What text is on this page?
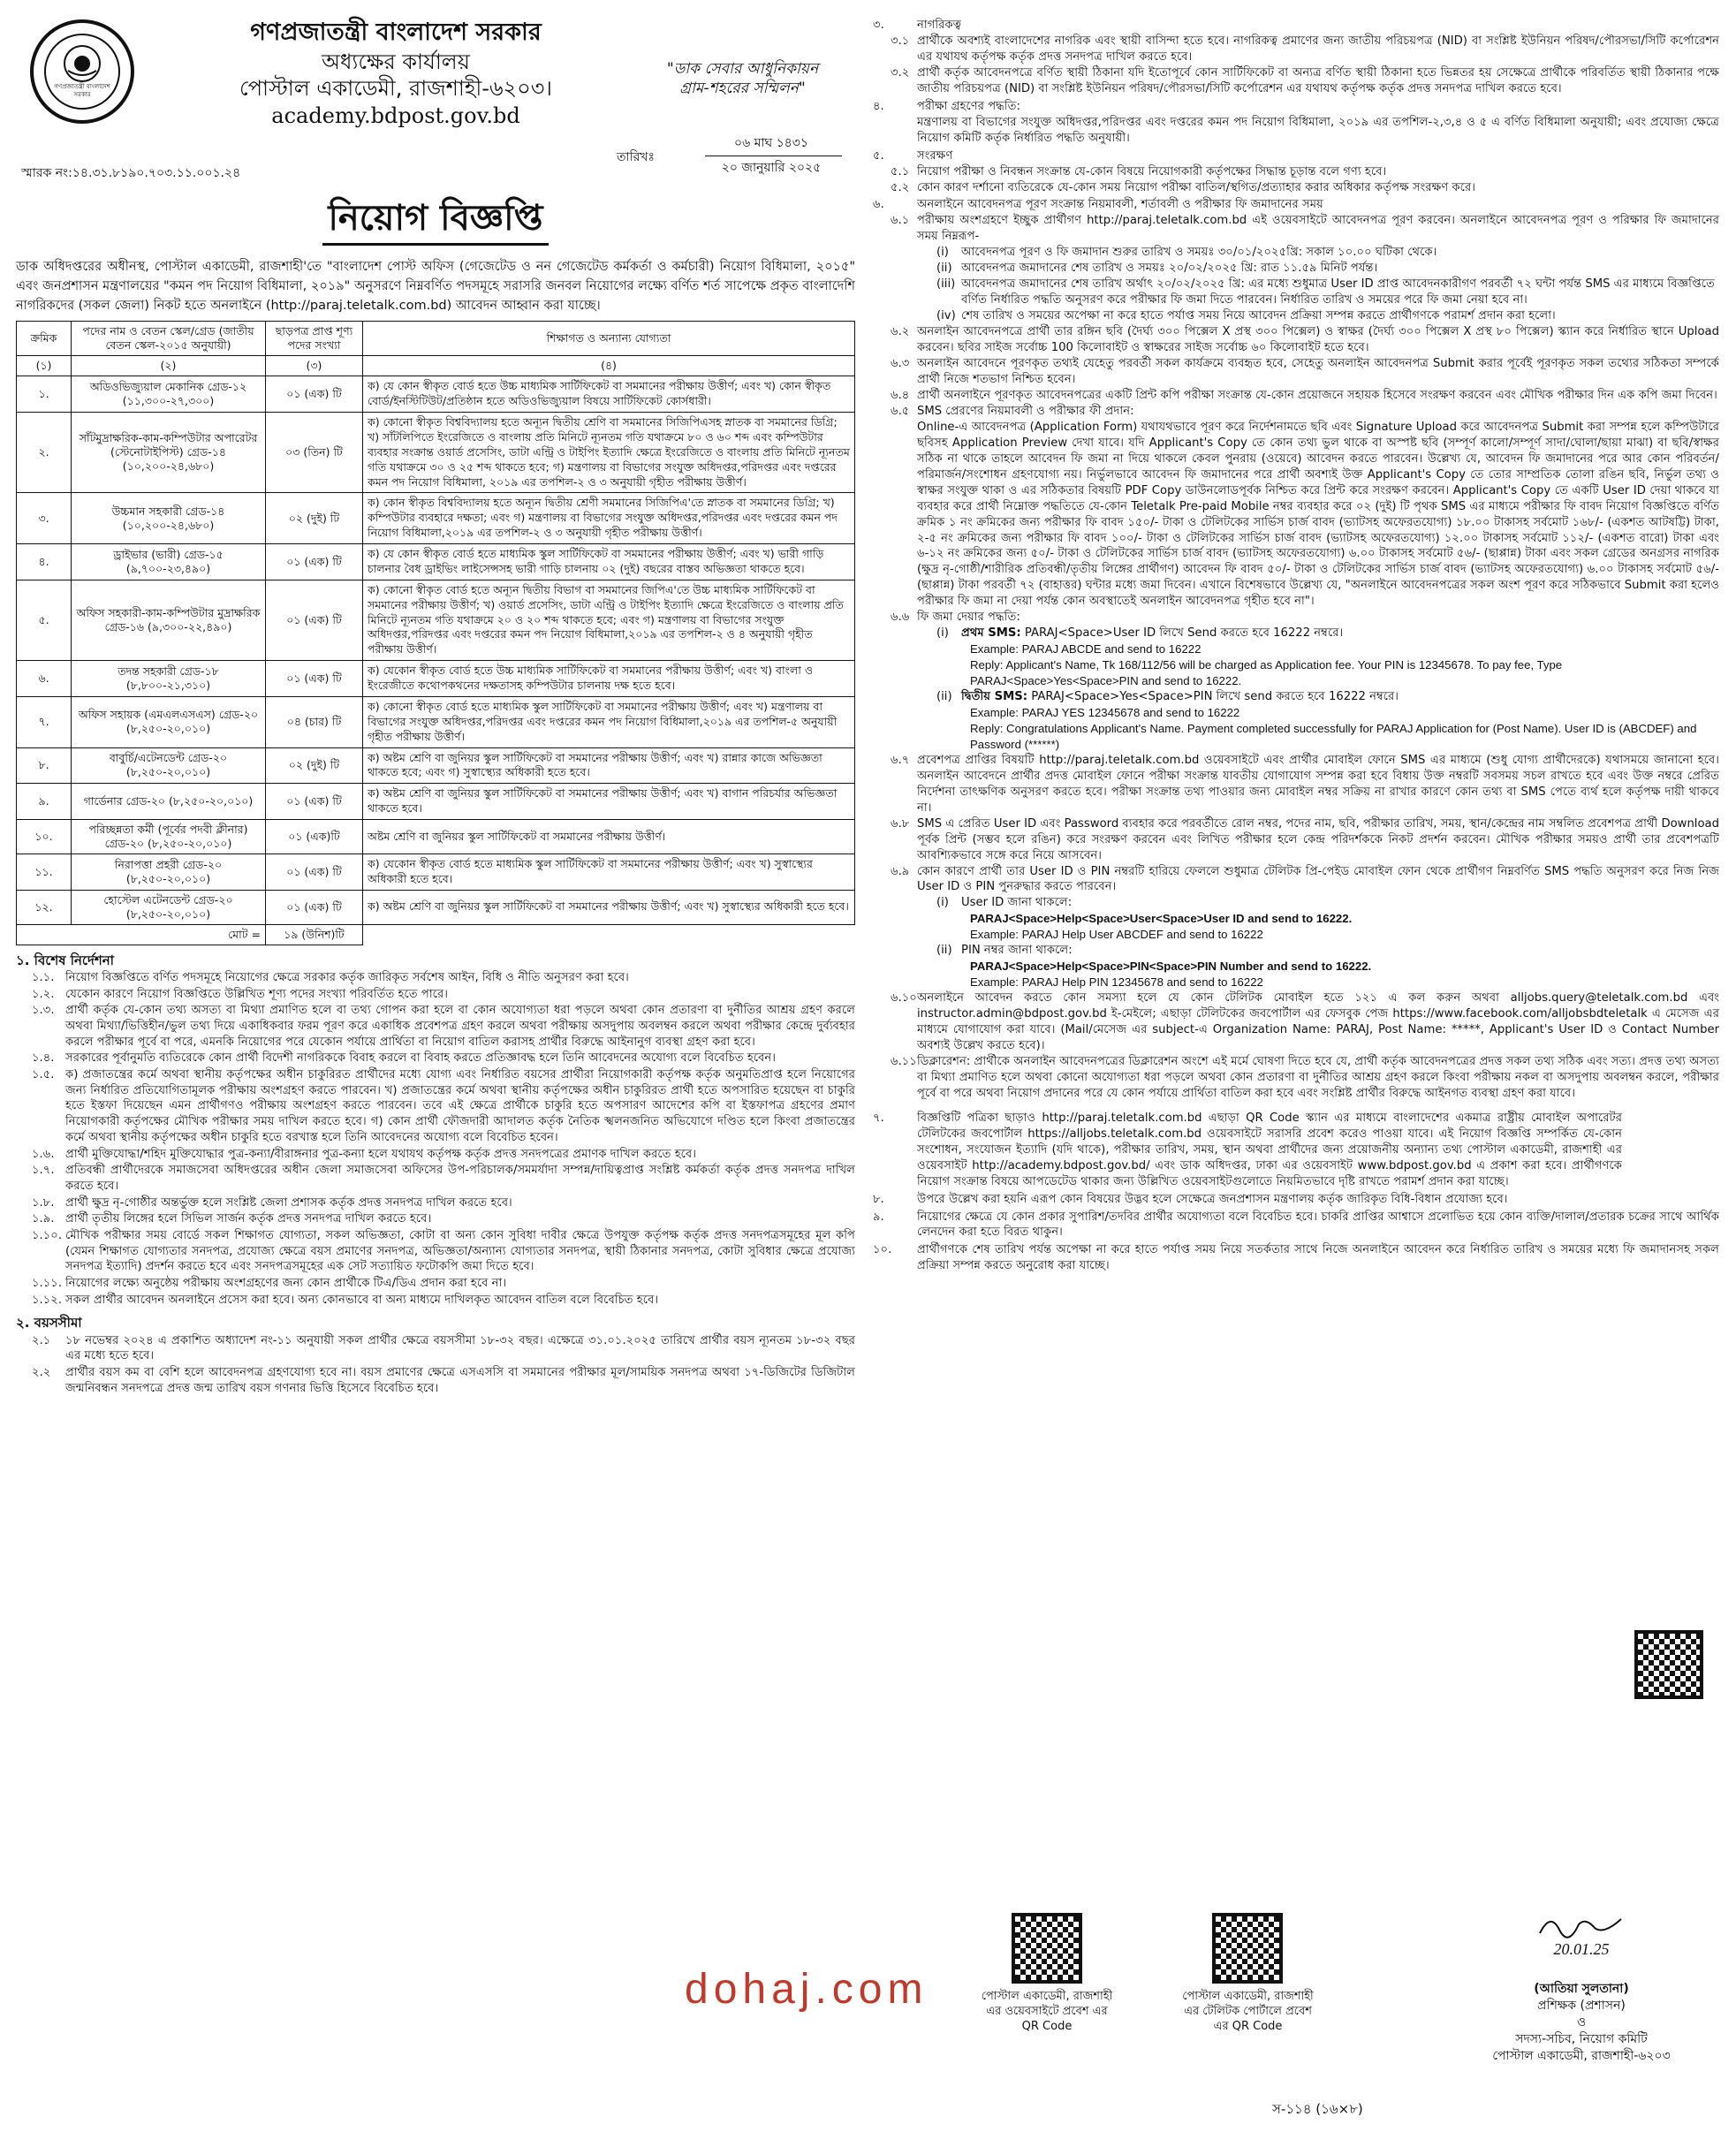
গণপ্রজাতন্ত্রী বাংলাদেশ সরকার
গণপ্রজাতন্ত্রী বাংলাদেশ সরকার
অধ্যক্ষের কার্যালয়
পোস্টাল একাডেমী, রাজশাহী-৬২০৩।
academy.bdpost.gov.bd
"ডাক সেবার আধুনিকায়ন
গ্রাম-শহরের সম্মিলন"
স্মারক নং:১৪.৩১.৮১৯০.৭০৩.১১.০০১.২৪
তারিখঃ
০৬ মাঘ ১৪৩১
২০ জানুয়ারি ২০২৫
নিয়োগ বিজ্ঞপ্তি

ডাক অধিদপ্তরের অধীনস্থ, পোস্টাল একাডেমী, রাজশাহী'তে "বাংলাদেশ পোস্ট অফিস (গেজেটেড ও নন গেজেটেড কর্মকর্তা ও কর্মচারী) নিয়োগ বিধিমালা, ২০১৫" এবং জনপ্রশাসন মন্ত্রণালয়ের "কমন পদ নিয়োগ বিধিমালা, ২০১৯" অনুসরণে নিম্নবর্ণিত পদসমূহে সরাসরি জনবল নিয়োগের লক্ষ্যে বর্ণিত শর্ত সাপেক্ষে প্রকৃত বাংলাদেশি নাগরিকদের (সকল জেলা) নিকট হতে অনলাইনে (http://paraj.teletalk.com.bd) আবেদন আহ্বান করা যাচ্ছে।

ক্রমিক	পদের নাম ও বেতন স্কেল/গ্রেড (জাতীয় বেতন স্কেল-২০১৫ অনুযায়ী)	ছাড়পত্র প্রাপ্ত শূণ্য পদের সংখ্যা	শিক্ষাগত ও অন্যান্য যোগ্যতা
(১)	(২)	(৩)	(৪)
১.	অডিওভিজ্যুয়াল মেকানিক গ্রেড-১২ (১১,৩০০-২৭,৩০০)	০১ (এক) টি	ক) যে কোন স্বীকৃত বোর্ড হতে উচ্চ মাধ্যমিক সার্টিফিকেট বা সমমানের পরীক্ষায় উত্তীর্ণ; এবং খ) কোন স্বীকৃত বোর্ড/ইনস্টিটিউট/প্রতিষ্ঠান হতে অডিওভিজ্যুয়াল বিষয়ে সার্টিফিকেট কোর্সধারী।
২.	সাঁটমুদ্রাক্ষরিক-কাম-কম্পিউটার অপারেটর (স্টেনোটাইপিস্ট) গ্রেড-১৪ (১০,২০০-২৪,৬৮০)	০৩ (তিন) টি	ক) কোনো স্বীকৃত বিশ্ববিদ্যালয় হতে অন্যূন দ্বিতীয় শ্রেণি বা সমমানের সিজিপিএসহ স্নাতক বা সমমানের ডিগ্রি; খ) সাঁটলিপিতে ইংরেজিতে ও বাংলায় প্রতি মিনিটে ন্যূনতম গতি যথাক্রমে ৮০ ও ৬০ শব্দ এবং কম্পিউটার ব্যবহার সংক্রান্ত ওয়ার্ড প্রসেসিং, ডাটা এন্ট্রি ও টাইপিং ইত্যাদি ক্ষেত্রে ইংরেজিতে ও বাংলায় প্রতি মিনিটে ন্যূনতম গতি যথাক্রমে ৩০ ও ২৫ শব্দ থাকতে হবে; গ) মন্ত্রণালয় বা বিভাগের সংযুক্ত অধিদপ্তর,পরিদপ্তর এবং দপ্তরের কমন পদ নিয়োগ বিধিমালা, ২০১৯ এর তপশিল-২ ও ৩ অনুযায়ী গৃহীত পরীক্ষায় উত্তীর্ণ।
৩.	উচ্চমান সহকারী গ্রেড-১৪ (১০,২০০-২৪,৬৮০)	০২ (দুই) টি	ক) কোন স্বীকৃত বিশ্ববিদ্যালয় হতে অন্যূন দ্বিতীয় শ্রেণী সমমানের সিজিপিএ'তে স্নাতক বা সমমানের ডিগ্রি; খ) কম্পিউটার ব্যবহারে দক্ষতা; এবং গ) মন্ত্রণালয় বা বিভাগের সংযুক্ত অধিদপ্তর,পরিদপ্তর এবং দপ্তরের কমন পদ নিয়োগ বিধিমালা,২০১৯ এর তপশিল-২ ও ৩ অনুযায়ী গৃহীত পরীক্ষায় উত্তীর্ণ।
৪.	ড্রাইভার (ভারী) গ্রেড-১৫ (৯,৭০০-২৩,৪৯০)	০১ (এক) টি	ক) যে কোন স্বীকৃত বোর্ড হতে মাধ্যমিক স্কুল সার্টিফিকেট বা সমমানের পরীক্ষায় উত্তীর্ণ; এবং খ) ভারী গাড়ি চালনার বৈধ ড্রাইভিং লাইসেন্সসহ ভারী গাড়ি চালনায় ০২ (দুই) বছরের বাস্তব অভিজ্ঞতা থাকতে হবে।
৫.	অফিস সহকারী-কাম-কম্পিউটার মুদ্রাক্ষরিক গ্রেড-১৬ (৯,৩০০-২২,৪৯০)	০১ (এক) টি	ক) কোনো স্বীকৃত বোর্ড হতে অন্যূন দ্বিতীয় বিভাগ বা সমমানের জিপিএ'তে উচ্চ মাধ্যমিক সার্টিফিকেট বা সমমানের পরীক্ষায় উত্তীর্ণ; খ) ওয়ার্ড প্রসেসিং, ডাটা এন্ট্রি ও টাইপিং ইত্যাদি ক্ষেত্রে ইংরেজিতে ও বাংলায় প্রতি মিনিটে ন্যূনতম গতি যথাক্রমে ২০ ও ২০ শব্দ থাকতে হবে; এবং গ) মন্ত্রণালয় বা বিভাগের সংযুক্ত অধিদপ্তর,পরিদপ্তর এবং দপ্তরের কমন পদ নিয়োগ বিধিমালা,২০১৯ এর তপশিল-২ ও ৪ অনুযায়ী গৃহীত পরীক্ষায় উত্তীর্ণ।
৬.	তদন্ত সহকারী গ্রেড-১৮ (৮,৮০০-২১,৩১০)	০১ (এক) টি	ক) যেকোন স্বীকৃত বোর্ড হতে উচ্চ মাধ্যমিক সার্টিফিকেট বা সমমানের পরীক্ষায় উত্তীর্ণ; এবং খ) বাংলা ও ইংরেজীতে কথোপকথনের দক্ষতাসহ কম্পিউটার চালনায় দক্ষ হতে হবে।
৭.	অফিস সহায়ক (এমএলএসএস) গ্রেড-২০ (৮,২৫০-২০,০১০)	০৪ (চার) টি	ক) কোনো স্বীকৃত বোর্ড হতে মাধ্যমিক স্কুল সার্টিফিকেট বা সমমানের পরীক্ষায় উত্তীর্ণ; এবং খ) মন্ত্রণালয় বা বিভাগের সংযুক্ত অধিদপ্তর,পরিদপ্তর এবং দপ্তরের কমন পদ নিয়োগ বিধিমালা,২০১৯ এর তপশিল-৫ অনুযায়ী গৃহীত পরীক্ষায় উত্তীর্ণ।
৮.	বাবুর্চি/এটেনডেন্ট গ্রেড-২০ (৮,২৫০-২০,০১০)	০২ (দুই) টি	ক) অষ্টম শ্রেণি বা জুনিয়র স্কুল সার্টিফিকেট বা সমমানের পরীক্ষায় উত্তীর্ণ; এবং খ) রান্নার কাজে অভিজ্ঞতা থাকতে হবে; এবং গ) সুস্বাস্থ্যের অধিকারী হতে হবে।
৯.	গার্ডেনার গ্রেড-২০ (৮,২৫০-২০,০১০)	০১ (এক) টি	ক) অষ্টম শ্রেণি বা জুনিয়র স্কুল সার্টিফিকেট বা সমমানের পরীক্ষায় উত্তীর্ণ; এবং খ) বাগান পরিচর্যার অভিজ্ঞতা থাকতে হবে।
১০.	পরিচ্ছন্নতা কর্মী (পূর্বের পদবী ক্লীনার) গ্রেড-২০ (৮,২৫০-২০,০১০)	০১ (এক)টি	অষ্টম শ্রেণি বা জুনিয়র স্কুল সার্টিফিকেট বা সমমানের পরীক্ষায় উত্তীর্ণ।
১১.	নিরাপত্তা প্রহরী গ্রেড-২০ (৮,২৫০-২০,০১০)	০১ (এক) টি	ক) যেকোন স্বীকৃত বোর্ড হতে মাধ্যমিক স্কুল সার্টিফিকেট বা সমমানের পরীক্ষায় উত্তীর্ণ; এবং খ) সুস্বাস্থ্যের অধিকারী হতে হবে।
১২.	হোস্টেল এটেনডেন্ট গ্রেড-২০ (৮,২৫০-২০,০১০)	০১ (এক) টি	ক) অষ্টম শ্রেণি বা জুনিয়র স্কুল সার্টিফিকেট বা সমমানের পরীক্ষায় উত্তীর্ণ; এবং খ) সুস্বাস্থ্যের অধিকারী হতে হবে।
মোট =		১৯ (উনিশ)টি	
১. বিশেষ নির্দেশনা
১.১. নিয়োগ বিজ্ঞপ্তিতে বর্ণিত পদসমূহে নিয়োগের ক্ষেত্রে সরকার কর্তৃক জারিকৃত সর্বশেষ আইন, বিধি ও নীতি অনুসরণ করা হবে।
১.২. যেকোন কারণে নিয়োগ বিজ্ঞপ্তিতে উল্লিখিত শূণ্য পদের সংখ্যা পরিবর্তিত হতে পারে।
১.৩. প্রার্থী কর্তৃক যে-কোন তথ্য অসত্য বা মিথ্যা প্রমাণিত হলে বা তথ্য গোপন করা হলে বা কোন অযোগ্যতা ধরা পড়লে অথবা কোন প্রতারণা বা দুর্নীতির আশ্রয় গ্রহণ করলে অথবা মিথ্যা/ভিত্তিহীন/ভুল তথ্য দিয়ে একাধিকবার ফরম পূরণ করে একাধিক প্রবেশপত্র গ্রহণ করলে অথবা পরীক্ষায় অসদুপায় অবলম্বন করলে অথবা পরীক্ষার কেন্দ্রে দুর্ব্যবহার করলে পরীক্ষার পূর্বে বা পরে, এমনকি নিয়োগের পরে যেকোন পর্যায়ে প্রার্থিতা বা নিয়োগ বাতিল করাসহ প্রার্থীর বিরুদ্ধে আইনানুগ ব্যবস্থা গ্রহণ করা হবে।
১.৪. সরকারের পূর্বানুমতি ব্যতিরেকে কোন প্রার্থী বিদেশী নাগরিককে বিবাহ করলে বা বিবাহ করতে প্রতিজ্ঞাবদ্ধ হলে তিনি আবেদনের অযোগ্য বলে বিবেচিত হবেন।
১.৫. ক) প্রজাতন্ত্রের কর্মে অথবা স্থানীয় কর্তৃপক্ষের অধীন চাকুরিরত প্রার্থীদের মধ্যে যোগ্য এবং নির্ধারিত বয়সের প্রার্থীরা নিয়োগকারী কর্তৃপক্ষ কর্তৃক অনুমতিপ্রাপ্ত হলে নিয়োগের জন্য নির্ধারিত প্রতিযোগিতামূলক পরীক্ষায় অংশগ্রহণ করতে পারবেন। খ) প্রজাতন্ত্রের কর্মে অথবা স্থানীয় কর্তৃপক্ষের অধীন চাকুরিরত প্রার্থী হতে অপসারিত হয়েছেন বা চাকুরি হতে ইস্তফা দিয়েছেন এমন প্রার্থীগণও পরীক্ষায় অংশগ্রহণ করতে পারবেন। তবে এই ক্ষেত্রে প্রার্থীকে চাকুরি হতে অপসারণ আদেশের কপি বা ইস্তফাপত্র গ্রহণের প্রমাণ নিয়োগকারী কর্তৃপক্ষের মৌখিক পরীক্ষার সময় দাখিল করতে হবে। গ) কোন প্রার্থী ফৌজদারী আদালত কর্তৃক নৈতিক স্খলনজনিত অভিযোগে দণ্ডিত হলে কিংবা প্রজাতন্ত্রের কর্মে অথবা স্থানীয় কর্তৃপক্ষের অধীন চাকুরি হতে বরখাস্ত হলে তিনি আবেদনের অযোগ্য বলে বিবেচিত হবেন।
১.৬. প্রার্থী মুক্তিযোদ্ধা/শহিদ মুক্তিযোদ্ধার পুত্র-কন্যা/বীরাঙ্গনার পুত্র-কন্যা হলে যথাযথ কর্তৃপক্ষ কর্তৃক প্রদত্ত সনদপত্রের প্রমাণক দাখিল করতে হবে।
১.৭. প্রতিবন্ধী প্রার্থীদেরকে সমাজসেবা অধিদপ্তরের অধীন জেলা সমাজসেবা অফিসের উপ-পরিচালক/সমমর্যাদা সম্পন্ন/দায়িত্বপ্রাপ্ত সংশ্লিষ্ট কর্মকর্তা কর্তৃক প্রদত্ত সনদপত্র দাখিল করতে হবে।
১.৮. প্রার্থী ক্ষুদ্র নৃ-গোষ্ঠীর অন্তর্ভুক্ত হলে সংশ্লিষ্ট জেলা প্রশাসক কর্তৃক প্রদত্ত সনদপত্র দাখিল করতে হবে।
১.৯. প্রার্থী তৃতীয় লিঙ্গের হলে সিভিল সার্জন কর্তৃক প্রদত্ত সনদপত্র দাখিল করতে হবে।
১.১০. মৌখিক পরীক্ষার সময় বোর্ডে সকল শিক্ষাগত যোগ্যতা, সকল অভিজ্ঞতা, কোটা বা অন্য কোন সুবিধা দাবীর ক্ষেত্রে উপযুক্ত কর্তৃপক্ষ কর্তৃক প্রদত্ত সনদপত্রসমূহের মূল কপি (যেমন শিক্ষাগত যোগ্যতার সনদপত্র, প্রযোজ্য ক্ষেত্রে বয়স প্রমাণের সনদপত্র, অভিজ্ঞতা/অন্যান্য যোগ্যতার সনদপত্র, স্থায়ী ঠিকানার সনদপত্র, কোটা সুবিধার ক্ষেত্রে প্রযোজ্য সনদপত্র ইত্যাদি) প্রদর্শন করতে হবে এবং সনদপত্রসমূহের এক সেট সত্যায়িত ফটোকপি জমা দিতে হবে।
১.১১. নিয়োগের লক্ষ্যে অনুষ্ঠেয় পরীক্ষায় অংশগ্রহণের জন্য কোন প্রার্থীকে টিএ/ডিএ প্রদান করা হবে না।
১.১২. সকল প্রার্থীর আবেদন অনলাইনে প্রসেস করা হবে। অন্য কোনভাবে বা অন্য মাধ্যমে দাখিলকৃত আবেদন বাতিল বলে বিবেচিত হবে।
২. বয়সসীমা
২.১	১৮ নভেম্বর ২০২৪ এ প্রকাশিত অধ্যাদেশ নং-১১ অনুযায়ী সকল প্রার্থীর ক্ষেত্রে বয়সসীমা ১৮-৩২ বছর। এক্ষেত্রে ৩১.০১.২০২৫ তারিখে প্রার্থীর বয়স ন্যূনতম ১৮-৩২ বছর এর মধ্যে হতে হবে।
২.২	প্রার্থীর বয়স কম বা বেশি হলে আবেদনপত্র গ্রহণযোগ্য হবে না। বয়স প্রমাণের ক্ষেত্রে এসএসসি বা সমমানের পরীক্ষার মূল/সাময়িক সনদপত্র অথবা ১৭-ডিজিটের ডিজিটাল জন্মনিবন্ধন সনদপত্রে প্রদত্ত জন্ম তারিখ বয়স গণনার ভিত্তি হিসেবে বিবেচিত হবে।
৩.	নাগরিকত্ব
৩.১ প্রার্থীকে অবশ্যই বাংলাদেশের নাগরিক এবং স্থায়ী বাসিন্দা হতে হবে। নাগরিকত্ব প্রমাণের জন্য জাতীয় পরিচয়পত্র (NID) বা সংশ্লিষ্ট ইউনিয়ন পরিষদ/পৌরসভা/সিটি কর্পোরেশন এর যথাযথ কর্তৃপক্ষ কর্তৃক প্রদত্ত সনদপত্র দাখিল করতে হবে।
৩.২ প্রার্থী কর্তৃক আবেদনপত্রে বর্ণিত স্থায়ী ঠিকানা যদি ইতোপূর্বে কোন সার্টিফিকেট বা অন্যত্র বর্ণিত স্থায়ী ঠিকানা হতে ভিন্নতর হয় সেক্ষেত্রে প্রার্থীকে পরিবর্তিত স্থায়ী ঠিকানার পক্ষে জাতীয় পরিচয়পত্র (NID) বা সংশ্লিষ্ট ইউনিয়ন পরিষদ/পৌরসভা/সিটি কর্পোরেশন এর যথাযথ কর্তৃপক্ষ কর্তৃক প্রদত্ত সনদপত্র দাখিল করতে হবে।
৪.	পরীক্ষা গ্রহণের পদ্ধতি:
মন্ত্রণালয় বা বিভাগের সংযুক্ত অধিদপ্তর,পরিদপ্তর এবং দপ্তরের কমন পদ নিয়োগ বিধিমালা, ২০১৯ এর তপশিল-২,৩,৪ ও ৫ এ বর্ণিত বিধিমালা অনুযায়ী; এবং প্রযোজ্য ক্ষেত্রে নিয়োগ কমিটি কর্তৃক নির্ধারিত পদ্ধতি অনুযায়ী।
৫.	সংরক্ষণ
৫.১ নিয়োগ পরীক্ষা ও নিবন্ধন সংক্রান্ত যে-কোন বিষয়ে নিয়োগকারী কর্তৃপক্ষের সিদ্ধান্ত চূড়ান্ত বলে গণ্য হবে।
৫.২ কোন কারণ দর্শানো ব্যতিরেকে যে-কোন সময় নিয়োগ পরীক্ষা বাতিল/স্থগিত/প্রত্যাহার করার অধিকার কর্তৃপক্ষ সংরক্ষণ করে।
৬.	অনলাইনে আবেদনপত্র পূরণ সংক্রান্ত নিয়মাবলী, শর্তাবলী ও পরীক্ষার ফি জমাদানের সময়
৬.১ পরীক্ষায় অংশগ্রহণে ইচ্ছুক প্রার্থীগণ http://paraj.teletalk.com.bd এই ওয়েবসাইটে আবেদনপত্র পূরণ করবেন। অনলাইনে আবেদনপত্র পূরণ ও পরিক্ষার ফি জমাদানের সময় নিম্নরূপ-
(i)	আবেদনপত্র পূরণ ও ফি জমাদান শুরুর তারিখ ও সময়ঃ ৩০/০১/২০২৫খ্রি: সকাল ১০.০০ ঘটিকা থেকে।
(ii) আবেদনপত্র জমাদানের শেষ তারিখ ও সময়ঃ ২০/০২/২০২৫ খ্রি: রাত ১১.৫৯ মিনিট পর্যন্ত।
(iii) আবেদনপত্র জমাদানের শেষ তারিখ অর্থাৎ ২০/০২/২০২৫ খ্রি: এর মধ্যে শুধুমাত্র User ID প্রাপ্ত আবেদনকারীগণ পরবর্তী ৭২ ঘন্টা পর্যন্ত SMS এর মাধ্যমে বিজ্ঞপ্তিতে বর্ণিত নির্ধারিত পদ্ধতি অনুসরণ করে পরীক্ষার ফি জমা দিতে পারবেন। নির্ধারিত তারিখ ও সময়ের পরে ফি জমা নেয়া হবে না।
(iv) শেষ তারিখ ও সময়ের অপেক্ষা না করে হাতে পর্যাপ্ত সময় নিয়ে আবেদন প্রক্রিয়া সম্পন্ন করতে প্রার্থীগণকে পরামর্শ প্রদান করা হলো।
৬.২ অনলাইন আবেদনপত্রে প্রার্থী তার রঙ্গিন ছবি (দৈর্ঘ্য ৩০০ পিক্সেল X প্রস্থ ৩০০ পিক্সেল) ও স্বাক্ষর (দৈর্ঘ্য ৩০০ পিক্সেল X প্রস্থ ৮০ পিক্সেল) স্ক্যান করে নির্ধারিত স্থানে Upload করবেন। ছবির সাইজ সর্বোচ্চ 100 কিলোবাইট ও স্বাক্ষরের সাইজ সর্বোচ্চ ৬০ কিলোবাইট হতে হবে।
৬.৩ অনলাইন আবেদনে পূরণকৃত তথ্যই যেহেতু পরবর্তী সকল কার্যক্রমে ব্যবহৃত হবে, সেহেতু অনলাইন আবেদনপত্র Submit করার পূর্বেই পূরণকৃত সকল তথ্যের সঠিকতা সম্পর্কে প্রার্থী নিজে শতভাগ নিশ্চিত হবেন।
৬.৪ প্রার্থী অনলাইনে পূরণকৃত আবেদনপত্রের একটি প্রিন্ট কপি পরীক্ষা সংক্রান্ত যে-কোন প্রয়োজনে সহায়ক হিসেবে সংরক্ষণ করবেন এবং মৌখিক পরীক্ষার দিন এক কপি জমা দিবেন।
৬.৫ SMS প্রেরণের নিয়মাবলী ও পরীক্ষার ফী প্রদান:
Online-এ আবেদনপত্র (Application Form) যথাযথভাবে পূরণ করে নির্দেশনামতে ছবি এবং Signature Upload করে আবেদনপত্র Submit করা সম্পন্ন হলে কম্পিউটারে ছবিসহ Application Preview দেখা যাবে। যদি Applicant's Copy তে কোন তথ্য ভুল থাকে বা অস্পষ্ট ছবি (সম্পূর্ণ কালো/সম্পূর্ণ সাদা/ঘোলা/ছায়া মাঝা) বা ছবি/স্বাক্ষর সঠিক না থাকে তাহলে আবেদন ফি জমা না দিয়ে থাকলে কেবল পুনরায় (ওয়েবে) আবেদন করতে পারবেন। উল্লেখ্য যে, আবেদন ফি জমাদানের পরে আর কোন পরিবর্তন/পরিমার্জন/সংশোধন গ্রহণযোগ্য নয়। নির্ভুলভাবে আবেদন ফি জমাদানের পরে প্রার্থী অবশ্যই উক্ত Applicant's Copy তে তোর সাম্প্রতিক তোলা রঙিন ছবি, নির্ভুল তথ্য ও স্বাক্ষর সংযুক্ত থাকা ও এর সঠিকতার বিষয়টি PDF Copy ডাউনলোডপূর্বক নিশ্চিত করে প্রিন্ট করে সংরক্ষণ করবেন। Applicant's Copy তে একটি User ID দেয়া থাকবে যা ব্যবহার করে প্রার্থী নিম্নোক্ত পদ্ধতিতে যে-কোন Teletalk Pre-paid Mobile নম্বর ব্যবহার করে ০২ (দুই) টি পৃথক SMS এর মাধ্যমে পরীক্ষার ফি বাবদ নিয়োগ বিজ্ঞপ্তিতে বর্ণিত ক্রমিক ১ নং ক্রমিকের জন্য পরীক্ষার ফি বাবদ ১৫০/- টাকা ও টেলিটকের সার্ভিস চার্জ বাবদ (ভ্যাটসহ অফেরতযোগ্য) ১৮.০০ টাকাসহ সর্বমোট ১৬৮/- (একশত আটষট্টি) টাকা, ২-৫ নং ক্রমিকের জন্য পরীক্ষার ফি বাবদ ১০০/- টাকা ও টেলিটকের সার্ভিস চার্জ বাবদ (ভ্যাটসহ অফেরতযোগ্য) ১২.০০ টাকাসহ সর্বমোট ১১২/- (একশত বারো) টাকা এবং ৬-১২ নং ক্রমিকের জন্য ৫০/- টাকা ও টেলিটকের সার্ভিস চার্জ বাবদ (ভ্যাটসহ অফেরতযোগ্য) ৬.০০ টাকাসহ সর্বমোট ৫৬/- (ছাপ্পান্ন) টাকা এবং সকল গ্রেডের অনগ্রসর নাগরিক (ক্ষুদ্র নৃ-গোষ্ঠী/শারীরিক প্রতিবন্ধী/তৃতীয় লিঙ্গের প্রার্থীগণ) আবেদন ফি বাবদ ৫০/- টাকা ও টেলিটকের সার্ভিস চার্জ বাবদ (ভ্যাটসহ অফেরতযোগ্য) ৬.০০ টাকাসহ সর্বমোট ৫৬/- (ছাপ্পান্ন) টাকা পরবর্তী ৭২ (বাহাত্তর) ঘন্টার মধ্যে জমা দিবেন। এখানে বিশেষভাবে উল্লেখ্য যে, "অনলাইনে আবেদনপত্রের সকল অংশ পূরণ করে সঠিকভাবে Submit করা হলেও পরীক্ষার ফি জমা না দেয়া পর্যন্ত কোন অবস্থাতেই অনলাইন আবেদনপত্র গৃহীত হবে না"।
৬.৬ ফি জমা দেয়ার পদ্ধতি:
(i)	প্রথম SMS: PARAJ<Space>User ID লিখে Send করতে হবে 16222 নম্বরে।
Example: PARAJ ABCDE and send to 16222
Reply: Applicant's Name, Tk 168/112/56 will be charged as Application fee. Your PIN is 12345678. To pay fee, Type PARAJ<Space>Yes<Space>PIN and send to 16222.
(ii) দ্বিতীয় SMS: PARAJ<Space>Yes<Space>PIN লিখে send করতে হবে 16222 নম্বরে।
Example: PARAJ YES 12345678 and send to 16222
Reply: Congratulations Applicant's Name. Payment completed successfully for PARAJ Application for (Post Name). User ID is (ABCDEF) and Password (******)
৬.৭ প্রবেশপত্র প্রাপ্তির বিষয়টি http://paraj.teletalk.com.bd ওয়েবসাইটে এবং প্রার্থীর মোবাইল ফোনে SMS এর মাধ্যমে (শুধু যোগ্য প্রার্থীদেরকে) যথাসময়ে জানানো হবে। অনলাইন আবেদনে প্রার্থীর প্রদত্ত মোবাইল ফোনে পরীক্ষা সংক্রান্ত যাবতীয় যোগাযোগ সম্পন্ন করা হবে বিধায় উক্ত নম্বরটি সবসময় সচল রাখতে হবে এবং উক্ত নম্বরে প্রেরিত নির্দেশনা তাৎক্ষণিক অনুসরণ করতে হবে। পরীক্ষা সংক্রান্ত তথ্য পাওয়ার জন্য মোবাইল নম্বর সক্রিয় না রাখার কারণে কোন তথ্য বা SMS পেতে ব্যর্থ হলে কর্তৃপক্ষ দায়ী থাকবে না।
৬.৮ SMS এ প্রেরিত User ID এবং Password ব্যবহার করে পরবর্তীতে রোল নম্বর, পদের নাম, ছবি, পরীক্ষার তারিখ, সময়, স্থান/কেন্দ্রের নাম সম্বলিত প্রবেশপত্র প্রার্থী Download পূর্বক প্রিন্ট (সম্ভব হলে রঙিন) করে সংরক্ষণ করবেন এবং লিখিত পরীক্ষার হলে কেন্দ্র পরিদর্শককে নিকট প্রদর্শন করবেন। মৌখিক পরীক্ষার সময়ও প্রার্থী তার প্রবেশপত্রটি আবশ্যিকভাবে সঙ্গে করে নিয়ে আসবেন।
৬.৯ কোন কারণে প্রার্থী তার User ID ও PIN নম্বরটি হারিয়ে ফেললে শুধুমাত্র টেলিটক প্রি-পেইড মোবাইল ফোন থেকে প্রার্থীগণ নিম্নবর্ণিত SMS পদ্ধতি অনুসরণ করে নিজ নিজ User ID ও PIN পুনরুদ্ধার করতে পারবেন।
(i)	User ID জানা থাকলে:
PARAJ<Space>Help<Space>User<Space>User ID and send to 16222.
Example: PARAJ Help User ABCDEF and send to 16222
(ii) PIN নম্বর জানা থাকলে:
PARAJ<Space>Help<Space>PIN<Space>PIN Number and send to 16222.
Example: PARAJ Help PIN 12345678 and send to 16222
৬.১০ অনলাইনে আবেদন করতে কোন সমস্যা হলে যে কোন টেলিটক মোবাইল হতে ১২১ এ কল করুন অথবা alljobs.query@teletalk.com.bd এবং instructor.admin@bdpost.gov.bd ই-মেইলে; এছাড়া টেলিটকের জবপোর্টাল এর ফেসবুক পেজ https://www.facebook.com/alljobsbdteletalk এ মেসেজ এর মাধ্যমে যোগাযোগ করা যাবে। (Mail/মেসেজ এর subject-এ Organization Name: PARAJ, Post Name: *****, Applicant's User ID ও Contact Number অবশ্যই উল্লেখ করতে হবে)।
৬.১১ ডিক্লারেশন: প্রার্থীকে অনলাইন আবেদনপত্রের ডিক্লারেশন অংশে এই মর্মে ঘোষণা দিতে হবে যে, প্রার্থী কর্তৃক আবেদনপত্রের প্রদত্ত সকল তথ্য সঠিক এবং সত্য। প্রদত্ত তথ্য অসত্য বা মিথ্যা প্রমাণিত হলে অথবা কোনো অযোগ্যতা ধরা পড়লে অথবা কোন প্রতারণা বা দুর্নীতির আশ্রয় গ্রহণ করলে কিংবা পরীক্ষায় নকল বা অসদুপায় অবলম্বন করলে, পরীক্ষার পূর্বে বা পরে অথবা নিয়োগ প্রদানের পরে যে কোন পর্যায়ে প্রার্থিতা বাতিল করা হবে এবং সংশ্লিষ্ট প্রার্থীর বিরুদ্ধে আইনগত ব্যবস্থা গ্রহণ করা যাবে।
৭.	বিজ্ঞপ্তিটি পত্রিকা ছাড়াও http://paraj.teletalk.com.bd এছাড়া QR Code স্ক্যান এর মাধ্যমে বাংলাদেশের একমাত্র রাষ্ট্রীয় মোবাইল অপারেটর টেলিটকের জবপোর্টাল https://alljobs.teletalk.com.bd ওয়েবসাইটে সরাসরি প্রবেশ করেও পাওয়া যাবে। এই নিয়োগ বিজ্ঞপ্তি সম্পর্কিত যে-কোন সংশোধন, সংযোজন ইত্যাদি (যদি থাকে), পরীক্ষার তারিখ, সময়, স্থান অথবা প্রার্থীদের জন্য প্রয়োজনীয় অন্যান্য তথ্য পোস্টাল একাডেমী, রাজশাহী এর ওয়েবসাইট http://academy.bdpost.gov.bd/ এবং ডাক অধিদপ্তর, ঢাকা এর ওয়েবসাইট www.bdpost.gov.bd এ প্রকাশ করা হবে। প্রার্থীগণকে নিয়োগ সংক্রান্ত বিষয়ে আপডেটেড থাকার জন্য উল্লিখিত ওয়েবসাইটগুলোতে নিয়মিতভাবে দৃষ্টি রাখতে পরামর্শ প্রদান করা যাচ্ছে।
৮.	উপরে উল্লেখ করা হয়নি এরূপ কোন বিষয়ের উদ্ভব হলে সেক্ষেত্রে জনপ্রশাসন মন্ত্রণালয় কর্তৃক জারিকৃত বিধি-বিধান প্রযোজ্য হবে।
৯.	নিয়োগের ক্ষেত্রে যে কোন প্রকার সুপারিশ/তদবির প্রার্থীর অযোগ্যতা বলে বিবেচিত হবে। চাকরি প্রাপ্তির আশ্বাসে প্রলোভিত হয়ে কোন ব্যক্তি/দালাল/প্রতারক চক্রের সাথে আর্থিক লেনদেন করা হতে বিরত থাকুন।
১০.	প্রার্থীগণকে শেষ তারিখ পর্যন্ত অপেক্ষা না করে হাতে পর্যাপ্ত সময় নিয়ে সতর্কতার সাথে নিজে অনলাইনে আবেদন করে নির্ধারিত তারিখ ও সময়ের মধ্যে ফি জমাদানসহ সকল প্রক্রিয়া সম্পন্ন করতে অনুরোধ করা যাচ্ছে।
পোস্টাল একাডেমী, রাজশাহী এর ওয়েবসাইটে প্রবেশ এর QR Code
পোস্টাল একাডেমী, রাজশাহী এর টেলিটক পোর্টালে প্রবেশ এর QR Code
20.01.25
(আতিয়া সুলতানা)
প্রশিক্ষক (প্রশাসন)
ও
সদস্য-সচিব, নিয়োগ কমিটি
পোস্টাল একাডেমী, রাজশাহী-৬২০৩
dohaj.com
স-১১৪ (১৬×৮)
